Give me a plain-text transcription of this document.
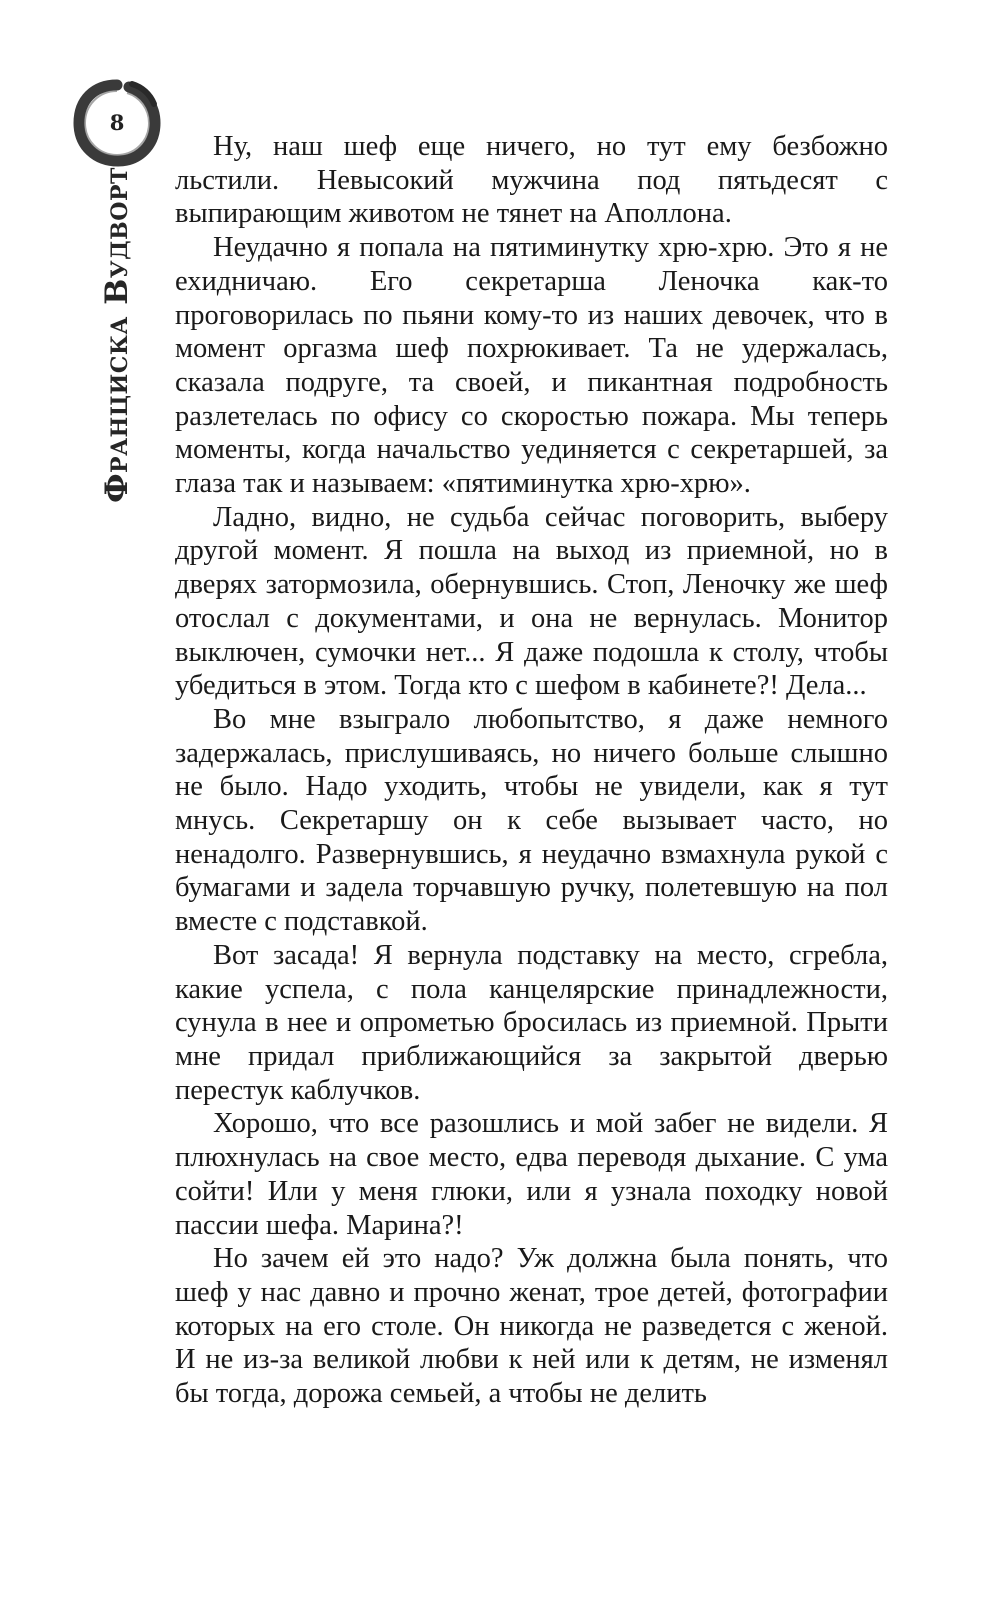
8
Франциска Вудворт

Ну, наш шеф еще ничего, но тут ему безбожно льстили. Невысокий мужчина под пятьдесят с выпирающим животом не тянет на Аполлона.

Неудачно я попала на пятиминутку хрю-хрю. Это я не ехидничаю. Его секретарша Леночка как-то проговорилась по пьяни кому-то из наших девочек, что в момент оргазма шеф похрюкивает. Та не удержалась, сказала подруге, та своей, и пикантная подробность разлетелась по офису со скоростью пожара. Мы теперь моменты, когда начальство уединяется с секретаршей, за глаза так и называем: «пятиминутка хрю-хрю».

Ладно, видно, не судьба сейчас поговорить, выберу другой момент. Я пошла на выход из приемной, но в дверях затормозила, обернувшись. Стоп, Леночку же шеф отослал с документами, и она не вернулась. Монитор выключен, сумочки нет... Я даже подошла к столу, чтобы убедиться в этом. Тогда кто с шефом в кабинете?! Дела...

Во мне взыграло любопытство, я даже немного задержалась, прислушиваясь, но ничего больше слышно не было. Надо уходить, чтобы не увидели, как я тут мнусь. Секретаршу он к себе вызывает часто, но ненадолго. Развернувшись, я неудачно взмахнула рукой с бумагами и задела торчавшую ручку, полетевшую на пол вместе с подставкой.

Вот засада! Я вернула подставку на место, сгребла, какие успела, с пола канцелярские принадлежности, сунула в нее и опрометью бросилась из приемной. Прыти мне придал приближающийся за закрытой дверью перестук каблучков.

Хорошо, что все разошлись и мой забег не видели. Я плюхнулась на свое место, едва переводя дыхание. С ума сойти! Или у меня глюки, или я узнала походку новой пассии шефа. Марина?!

Но зачем ей это надо? Уж должна была понять, что шеф у нас давно и прочно женат, трое детей, фотографии которых на его столе. Он никогда не разведется с женой. И не из-за великой любви к ней или к детям, не изменял бы тогда, дорожа семьей, а чтобы не делить
